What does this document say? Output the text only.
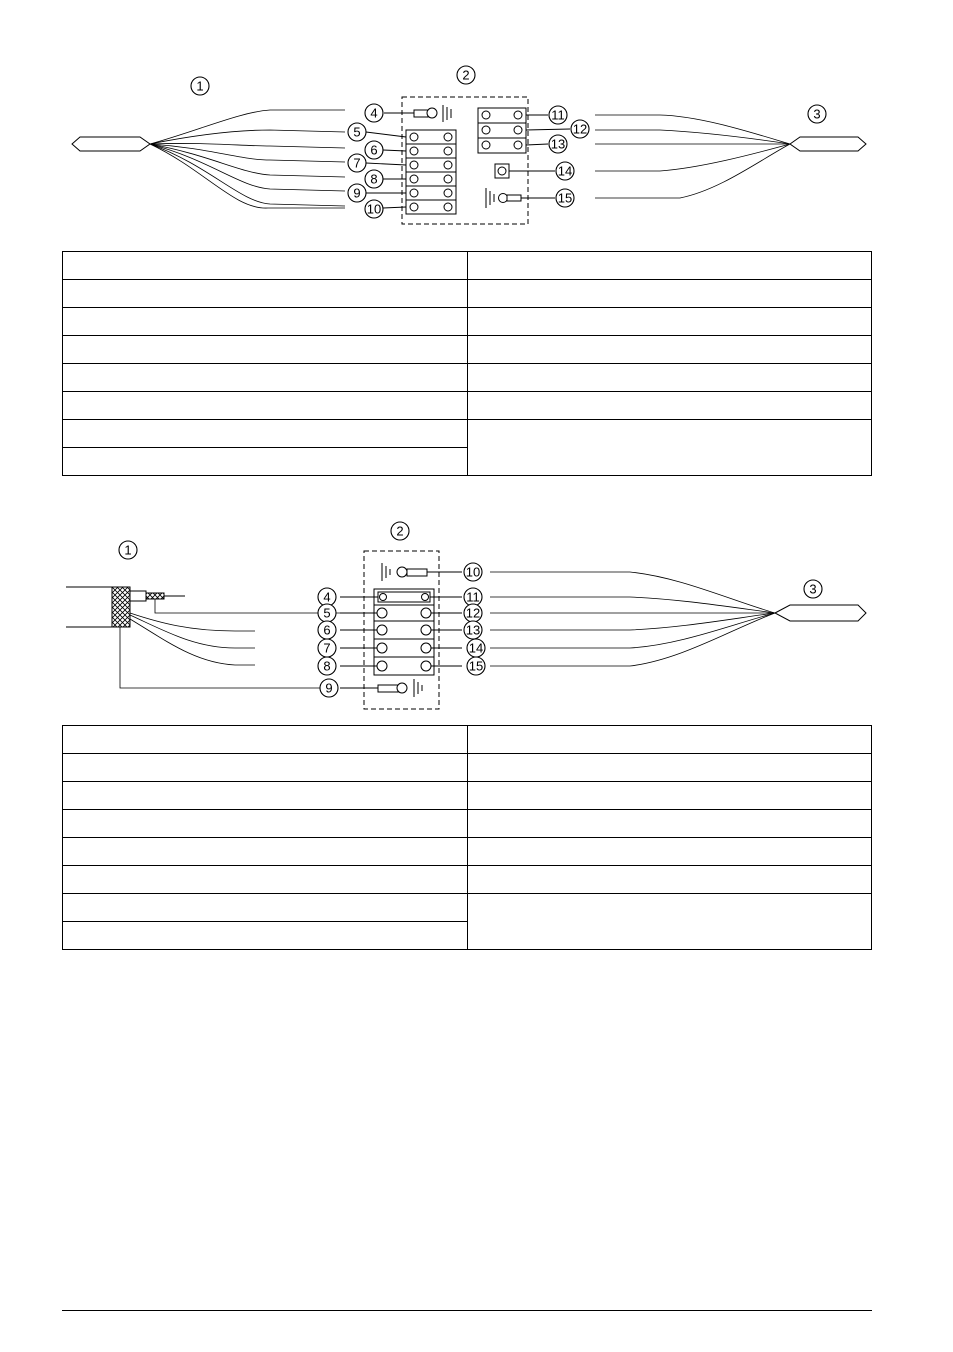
1
2
3
4
5
6
7
8
9
10
11
12
13
14
15

1
2
3
4
5
6
7
8
9
10
11
12
13
14
15
